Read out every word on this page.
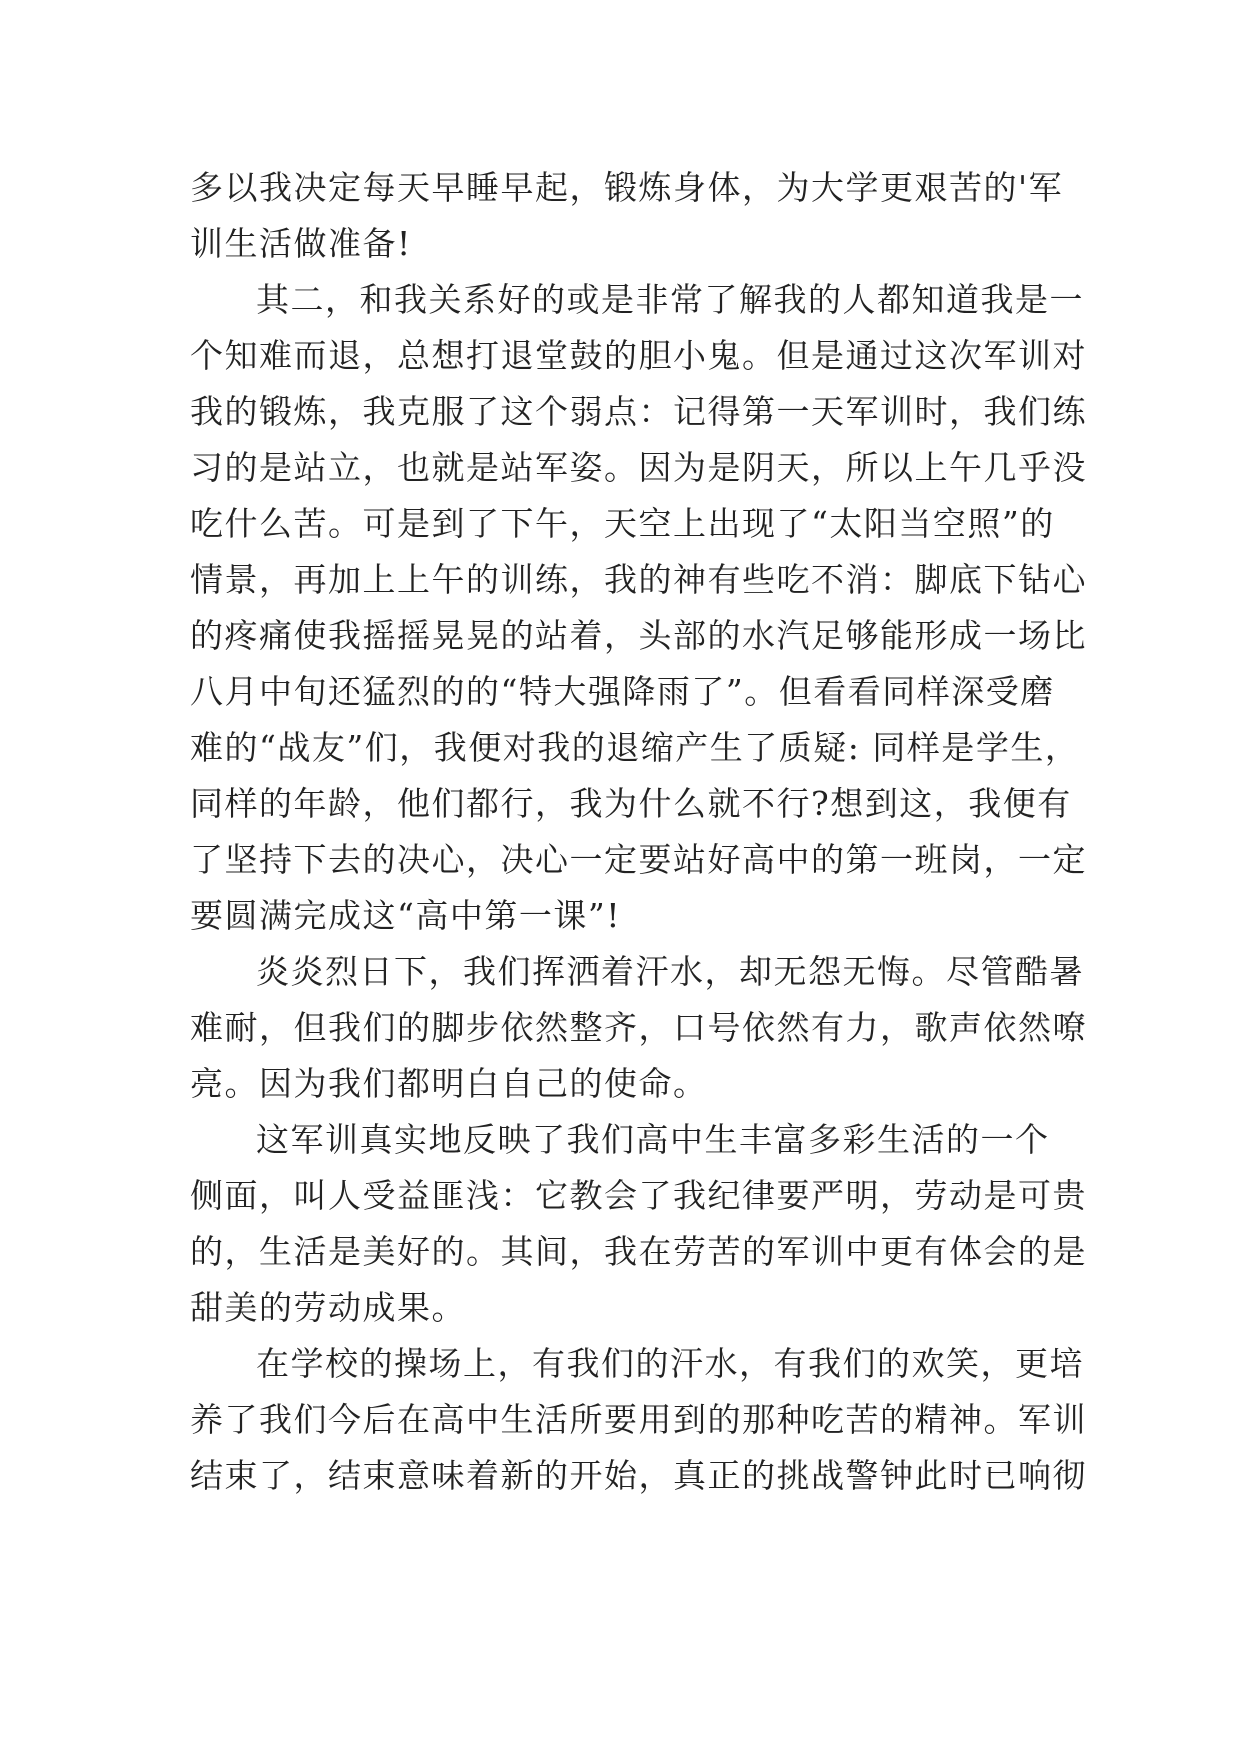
多以我决定每天早睡早起，锻炼身体，为大学更艰苦的'军
训生活做准备!
其二，和我关系好的或是非常了解我的人都知道我是一
个知难而退，总想打退堂鼓的胆小鬼。但是通过这次军训对
我的锻炼，我克服了这个弱点：记得第一天军训时，我们练
习的是站立，也就是站军姿。因为是阴天，所以上午几乎没
吃什么苦。可是到了下午，天空上出现了“太阳当空照”的
情景，再加上上午的训练，我的神有些吃不消：脚底下钻心
的疼痛使我摇摇晃晃的站着，头部的水汽足够能形成一场比
八月中旬还猛烈的的“特大强降雨了”。但看看同样深受磨
难的“战友”们，我便对我的退缩产生了质疑: 同样是学生，
同样的年龄，他们都行，我为什么就不行?想到这，我便有
了坚持下去的决心，决心一定要站好高中的第一班岗，一定
要圆满完成这“高中第一课”!
炎炎烈日下，我们挥洒着汗水，却无怨无悔。尽管酷暑
难耐，但我们的脚步依然整齐，口号依然有力，歌声依然嘹
亮。因为我们都明白自己的使命。
这军训真实地反映了我们高中生丰富多彩生活的一个
侧面，叫人受益匪浅：它教会了我纪律要严明，劳动是可贵
的，生活是美好的。其间，我在劳苦的军训中更有体会的是
甜美的劳动成果。
在学校的操场上，有我们的汗水，有我们的欢笑，更培
养了我们今后在高中生活所要用到的那种吃苦的精神。军训
结束了，结束意味着新的开始，真正的挑战警钟此时已响彻
